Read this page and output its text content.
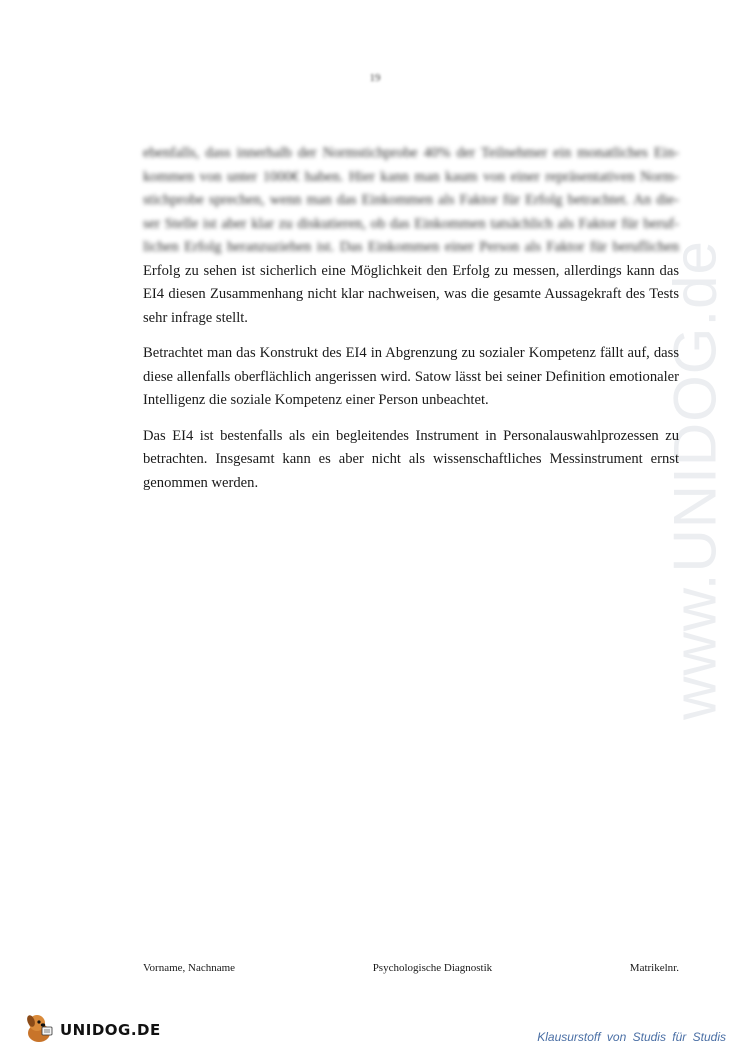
19
www.UNIDOG.de
ebenfalls, dass innerhalb der Normstichprobe 40% der Teilnehmer ein monatliches Ein-
kommen von unter 1000€ haben. Hier kann man kaum von einer repräsentativen Norm-
stichprobe sprechen, wenn man das Einkommen als Faktor für Erfolg betrachtet. An die-
ser Stelle ist aber klar zu diskutieren, ob das Einkommen tatsächlich als Faktor für beruf-
lichen Erfolg heranzuziehen ist. Das Einkommen einer Person als Faktor für beruflichen

Erfolg zu sehen ist sicherlich eine Möglichkeit den Erfolg zu messen, allerdings kann das EI4 diesen Zusammenhang nicht klar nachweisen, was die gesamte Aussagekraft des Tests sehr infrage stellt.

Betrachtet man das Konstrukt des EI4 in Abgrenzung zu sozialer Kompetenz fällt auf, dass diese allenfalls oberflächlich angerissen wird. Satow lässt bei seiner Definition emotionaler Intelligenz die soziale Kompetenz einer Person unbeachtet.

Das EI4 ist bestenfalls als ein begleitendes Instrument in Personalauswahlprozessen zu betrachten. Insgesamt kann es aber nicht als wissenschaftliches Messinstrument ernst genommen werden.

Vorname, Nachname	Psychologische Diagnostik	Matrikelnr.
UNIDOG.DE	Klausurstoff von Studis für Studis
